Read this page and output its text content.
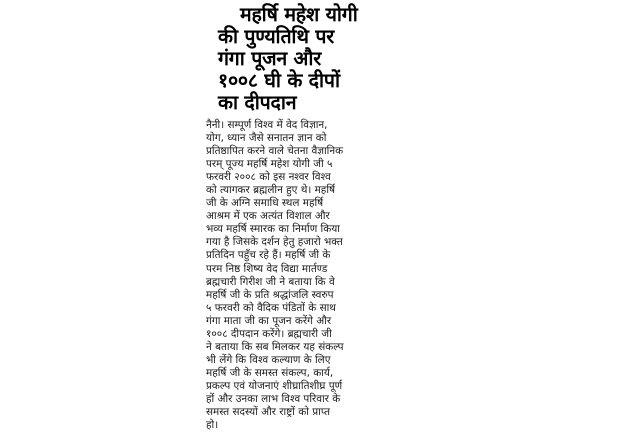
महर्षि महेश योगी
की पुण्यतिथि पर
गंगा पूजन और
१००८ घी के दीपों
का दीपदान
नैनी। सम्पूर्ण विश्व में वेद विज्ञान,
योग, ध्यान जैसे सनातन ज्ञान को
प्रतिष्ठापित करने वाले चेतना वैज्ञानिक
परम् पूज्य महर्षि महेश योगी जी ५
फरवरी २००८ को इस नश्वर विश्व
को त्यागकर ब्रह्मलीन हुए थे। महर्षि
जी के अग्नि समाधि स्थल महर्षि
आश्रम में एक अत्यंत विशाल और
भव्य महर्षि स्मारक का निर्माण किया
गया है जिसके दर्शन हेतु हजारो भक्त
प्रतिदिन पहुँच रहे हैं। महर्षि जी के
परम निष्ठ शिष्य वेद विद्या मार्तण्ड
ब्रह्मचारी गिरीश जी ने बताया कि वे
महर्षि जी के प्रति श्रद्धांजलि स्वरुप
५ फरवरी को वैदिक पंडितों के साथ
गंगा माता जी का पूजन करेंगे और
१००८ दीपदान करेंगे। ब्रह्मचारी जी
ने बताया कि सब मिलकर यह संकल्प
भी लेंगे कि विश्व कल्याण के लिए
महर्षि जी के समस्त संकल्प, कार्य,
प्रकल्प एवं योजनाएं शीघ्रातिशीघ्र पूर्ण
हों और उनका लाभ विश्व परिवार के
समस्त सदस्यों और राष्ट्रों को प्राप्त
हो।
